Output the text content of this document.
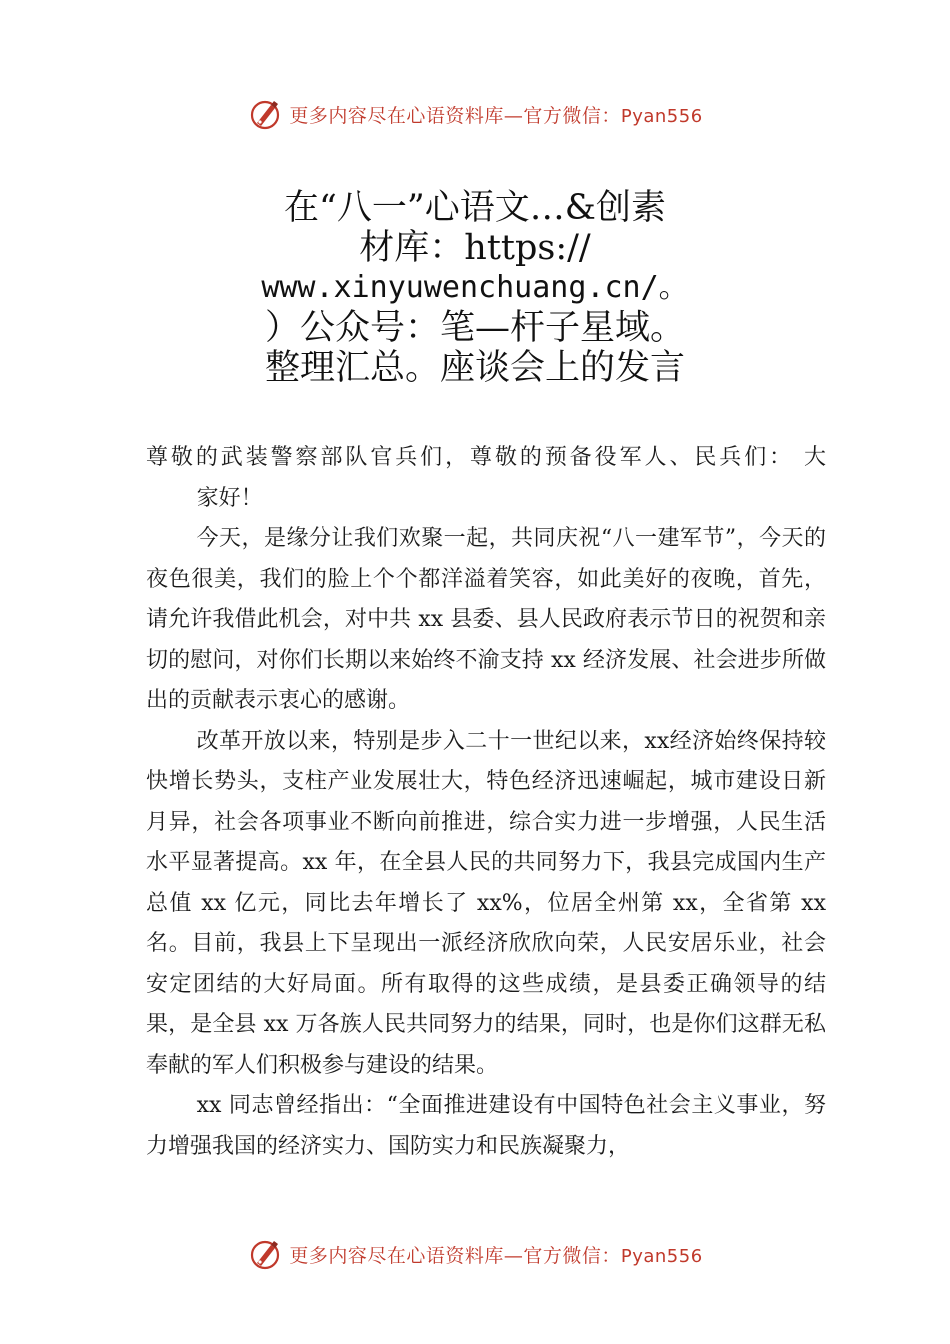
更多内容尽在心语资料库—官方微信：Pyan556
在“八一”心语文…&创素
材库：https://
www.xinyuwenchuang.cn/。
）公众号：笔—杆子星域。
整理汇总。座谈会上的发言

尊敬的武装警察部队官兵们，尊敬的预备役军人、民兵们： 大

家好！

今天，是缘分让我们欢聚一起，共同庆祝“八一建军节”，今天的夜色很美，我们的脸上个个都洋溢着笑容，如此美好的夜晚，首先，请允许我借此机会，对中共 xx 县委、县人民政府表示节日的祝贺和亲切的慰问，对你们长期以来始终不渝支持 xx 经济发展、社会进步所做出的贡献表示衷心的感谢。

改革开放以来，特别是步入二十一世纪以来，xx经济始终保持较快增长势头，支柱产业发展壮大，特色经济迅速崛起，城市建设日新月异，社会各项事业不断向前推进，综合实力进一步增强，人民生活水平显著提高。xx 年，在全县人民的共同努力下，我县完成国内生产总值 xx 亿元，同比去年增长了 xx%，位居全州第 xx，全省第 xx 名。目前，我县上下呈现出一派经济欣欣向荣，人民安居乐业，社会安定团结的大好局面。所有取得的这些成绩，是县委正确领导的结果，是全县 xx 万各族人民共同努力的结果，同时，也是你们这群无私奉献的军人们积极参与建设的结果。

xx 同志曾经指出：“全面推进建设有中国特色社会主义事业，努力增强我国的经济实力、国防实力和民族凝聚力，

更多内容尽在心语资料库—官方微信：Pyan556
